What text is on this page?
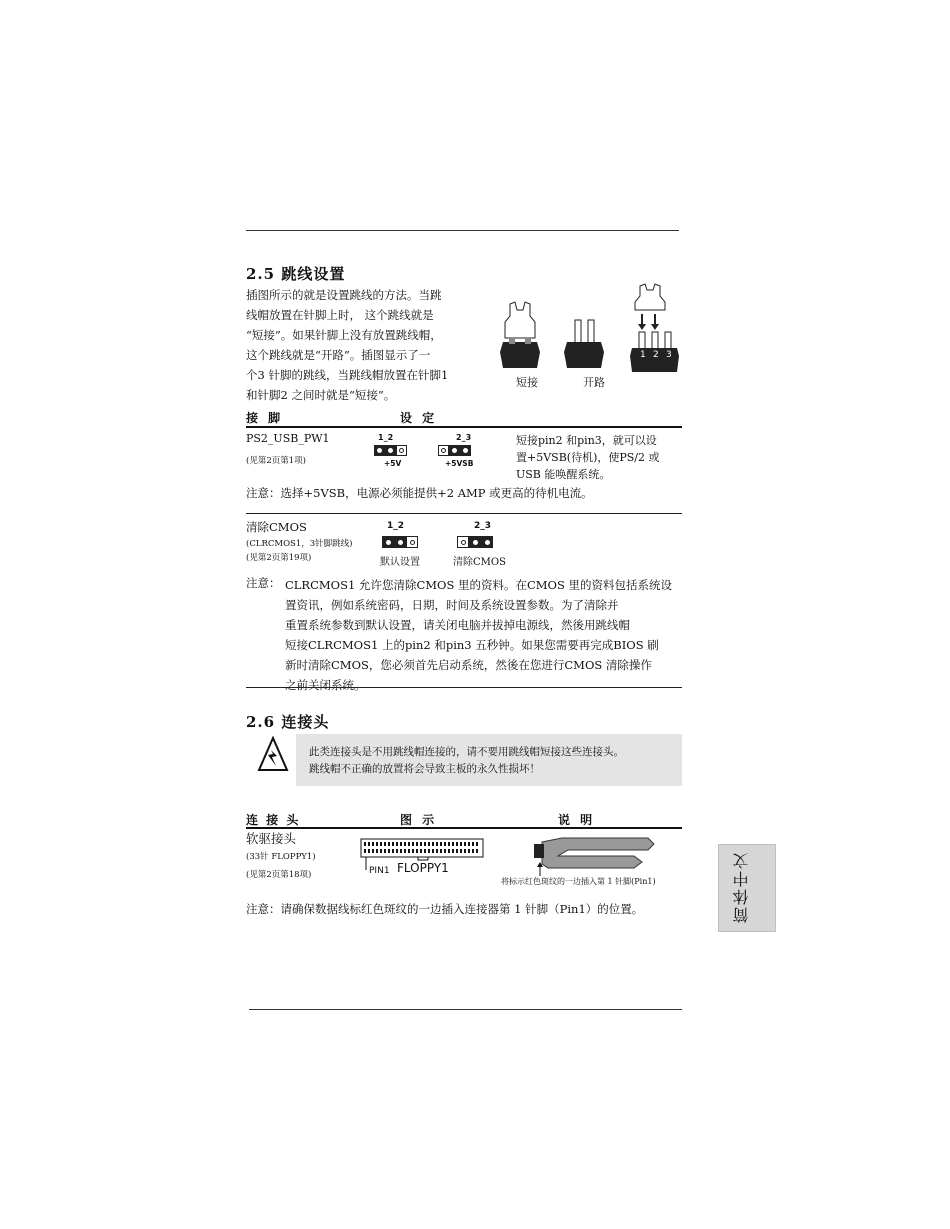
2.5 跳线设置
插图所示的就是设置跳线的方法。当跳
线帽放置在针脚上时， 这个跳线就是
“短接”。如果针脚上没有放置跳线帽，
这个跳线就是“开路”。插图显示了一
个3 针脚的跳线，当跳线帽放置在针脚1
和针脚2 之间时就是“短接”。
1 2 3
短接	开路
接 脚	设 定
PS2_USB_PW1
(见第2页第1项)
1_2
+5V
2_3
+5VSB
短接pin2 和pin3，就可以设
置+5VSB(待机)，使PS/2 或
USB 能唤醒系统。
注意：选择+5VSB，电源必须能提供+2 AMP 或更高的待机电流。
清除CMOS
(CLRCMOS1，3针脚跳线)
(见第2页第19项)
1_2
默认设置
2_3
清除CMOS
注意： CLRCMOS1 允许您清除CMOS 里的资料。在CMOS 里的资料包括系统设
置资讯，例如系统密码，日期，时间及系统设置参数。为了清除并
重置系统参数到默认设置，请关闭电脑并拔掉电源线，然後用跳线帽
短接CLRCMOS1 上的pin2 和pin3 五秒钟。如果您需要再完成BIOS 刷
新时清除CMOS，您必须首先启动系统，然後在您进行CMOS 清除操作
之前关闭系统。
2.6 连接头
此类连接头是不用跳线帽连接的，请不要用跳线帽短接这些连接头。
跳线帽不正确的放置将会导致主板的永久性损坏！
连 接 头	图 示	说 明
软驱接头
(33针 FLOPPY1)
(见第2页第18项)	PIN1 FLOPPY1
将标示红色斑纹的一边插入第 1 针脚(Pin1)
注意：请确保数据线标红色斑纹的一边插入连接器第 1 针脚（Pin1）的位置。	简体中文
